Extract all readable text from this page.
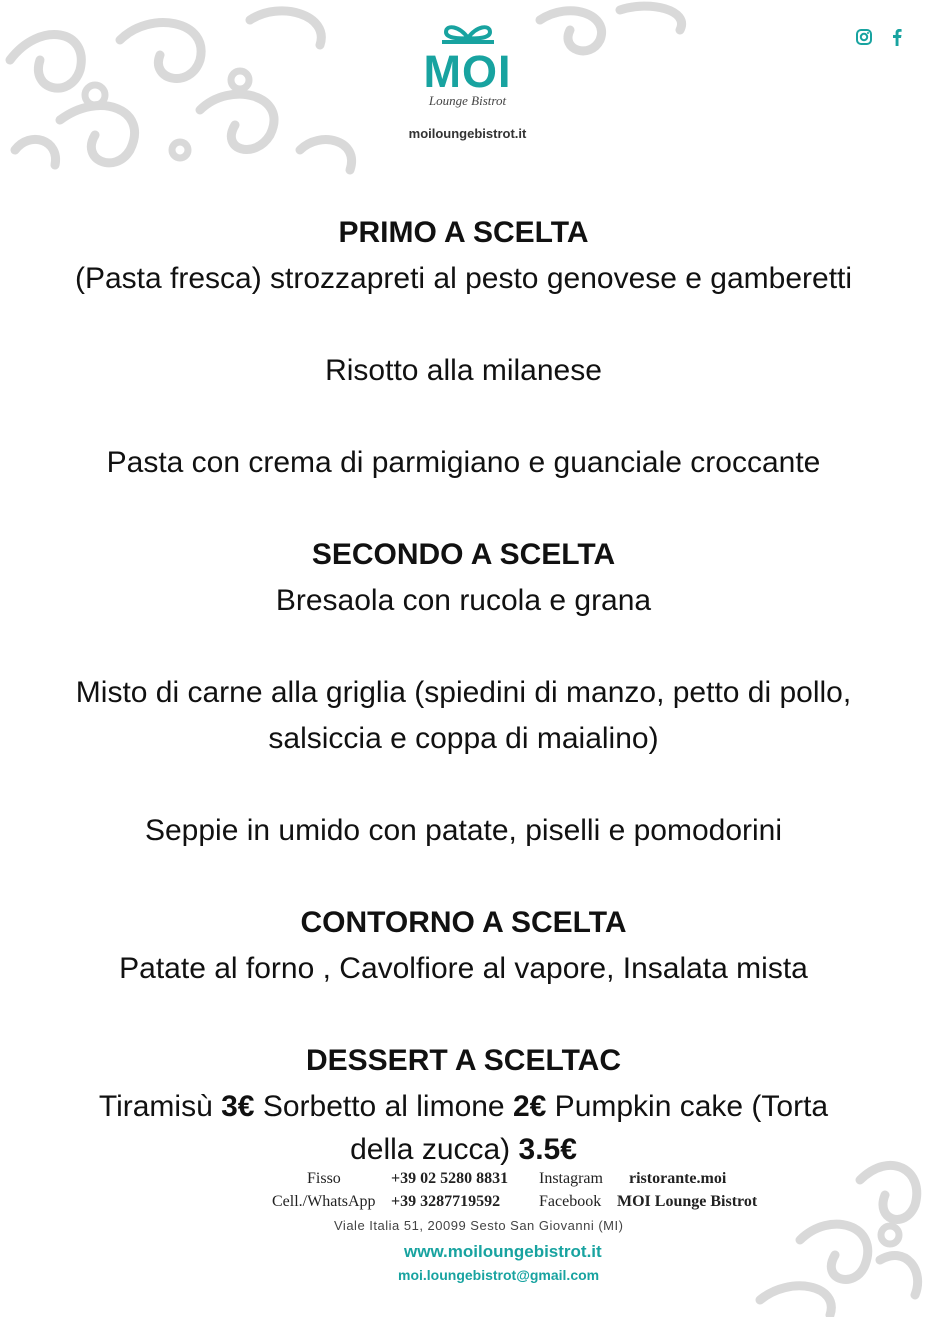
MOI
Lounge Bistrot
moiloungebistrot.it
PRIMO A SCELTA
(Pasta fresca) strozzapreti al pesto genovese e gamberetti
Risotto alla milanese
Pasta con crema di parmigiano e guanciale croccante
SECONDO A SCELTA
Bresaola con rucola e grana
Misto di carne alla griglia (spiedini di manzo, petto di pollo,
salsiccia e coppa di maialino)
Seppie in umido con patate, piselli e pomodorini
CONTORNO A SCELTA
Patate al forno , Cavolfiore al vapore, Insalata mista
DESSERT A SCELTAC
Tiramisù 3€ Sorbetto al limone 2€ Pumpkin cake (Torta
della zucca) 3.5€
Fisso	+39 02 5280 8831 Instagram ristorante.moi
Cell./WhatsApp +39 3287719592 Facebook MOI Lounge Bistrot
Viale Italia 51, 20099 Sesto San Giovanni (MI)
www.moiloungebistrot.it
moi.loungebistrot@gmail.com
